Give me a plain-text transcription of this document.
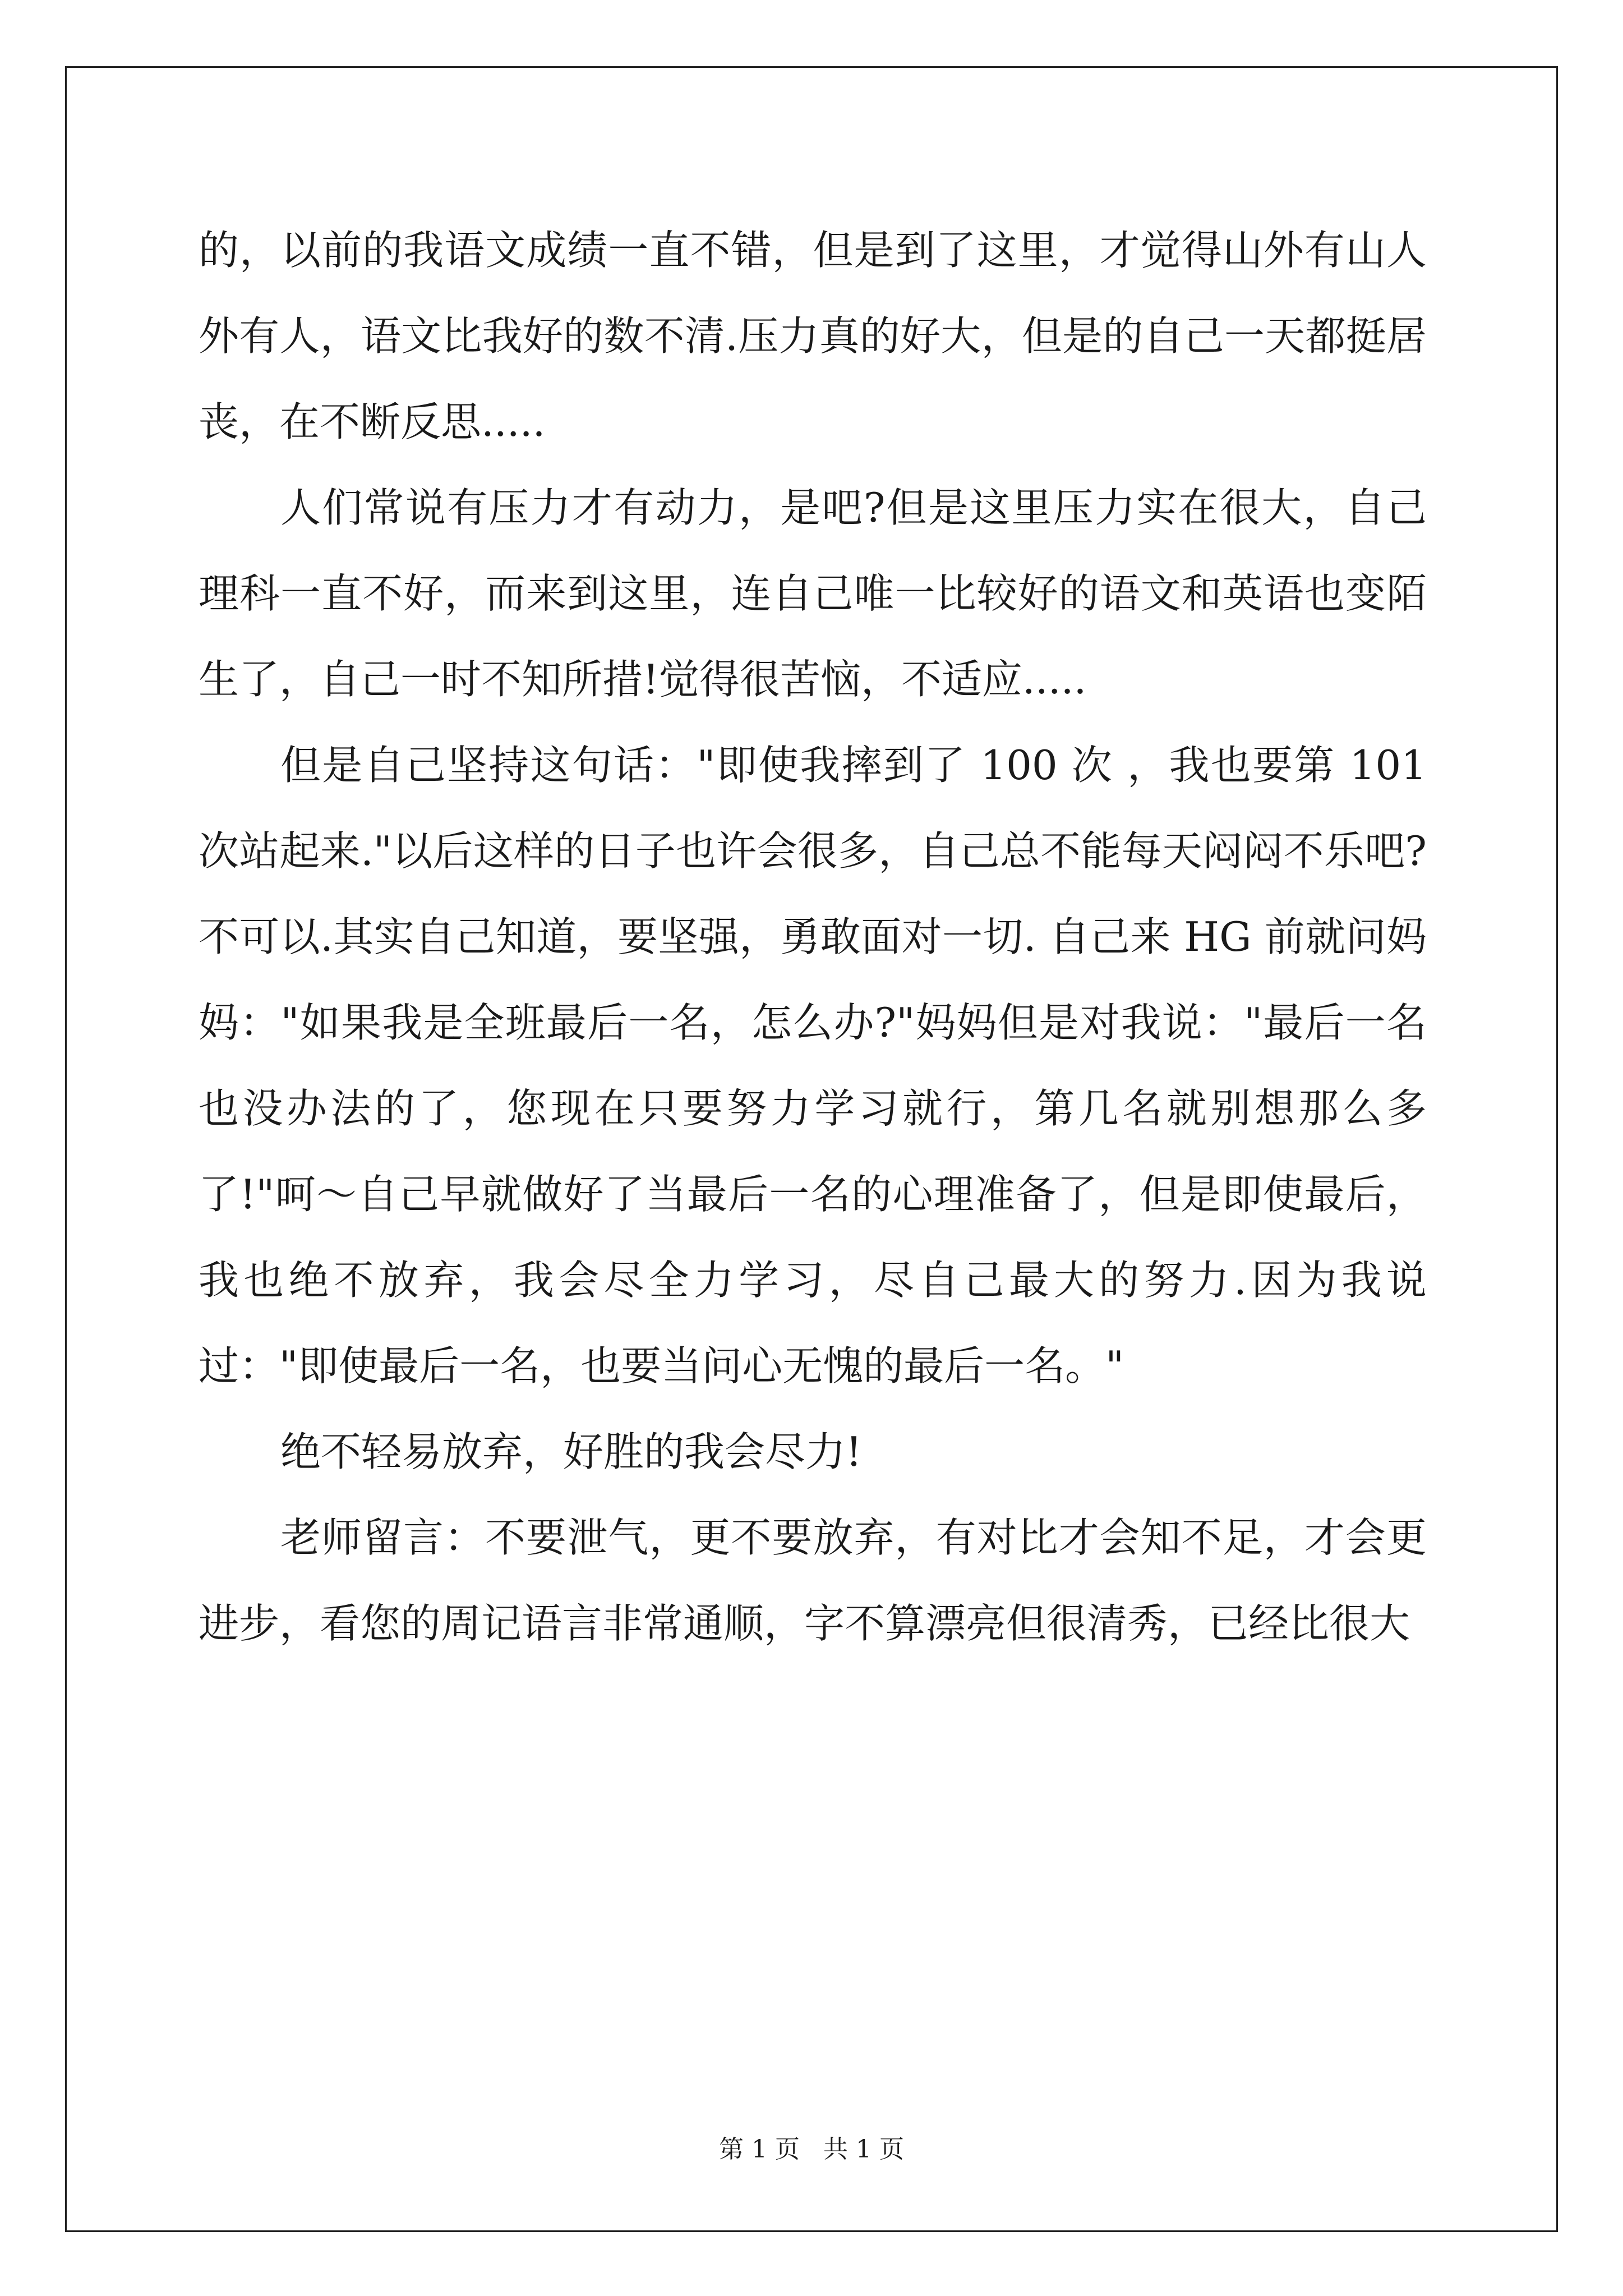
的，以前的我语文成绩一直不错，但是到了这里，才觉得山外有山人外有人，语文比我好的数不清.压力真的好大，但是的自己一天都挺居丧，在不断反思.....

人们常说有压力才有动力，是吧?但是这里压力实在很大，自己理科一直不好，而来到这里，连自己唯一比较好的语文和英语也变陌生了，自己一时不知所措!觉得很苦恼，不适应.....

但是自己坚持这句话："即使我摔到了 100 次 ，我也要第 101 次站起来."以后这样的日子也许会很多，自己总不能每天闷闷不乐吧?不可以.其实自己知道，要坚强，勇敢面对一切. 自己来 HG 前就问妈妈："如果我是全班最后一名，怎么办?"妈妈但是对我说："最后一名也没办法的了，您现在只要努力学习就行，第几名就别想那么多了!"呵～自己早就做好了当最后一名的心理准备了，但是即使最后，我也绝不放弃，我会尽全力学习，尽自己最大的努力.因为我说过："即使最后一名，也要当问心无愧的最后一名。"

绝不轻易放弃，好胜的我会尽力!

老师留言：不要泄气，更不要放弃，有对比才会知不足，才会更进步，看您的周记语言非常通顺，字不算漂亮但很清秀，已经比很大

第 1 页   共 1 页
